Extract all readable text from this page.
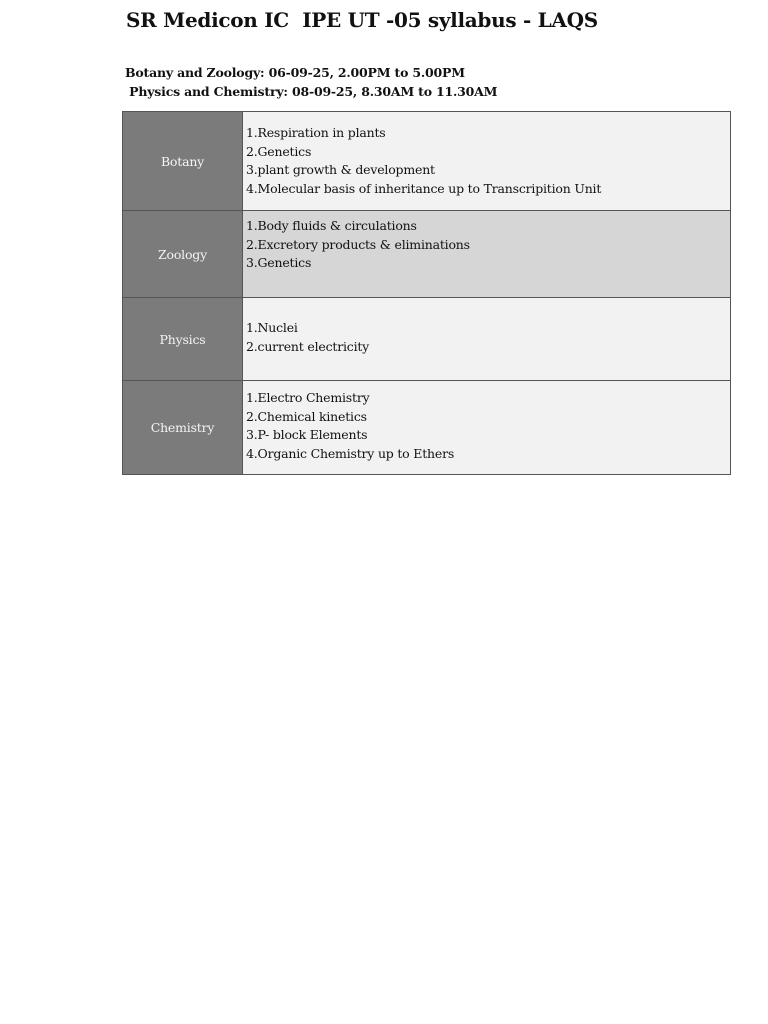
SR Medicon IC  IPE UT -05 syllabus - LAQS
Botany and Zoology: 06-09-25, 2.00PM to 5.00PM
Physics and Chemistry: 08-09-25, 8.30AM to 11.30AM
Botany	1.Respiration in plants
2.Genetics
3.plant growth & development
4.Molecular basis of inheritance up to Transcripition Unit

Zoology	1.Body fluids & circulations
2.Excretory products & eliminations
3.Genetics

Physics	1.Nuclei
2.current electricity

Chemistry	1.Electro Chemistry
2.Chemical kinetics
3.P- block Elements
4.Organic Chemistry up to Ethers
